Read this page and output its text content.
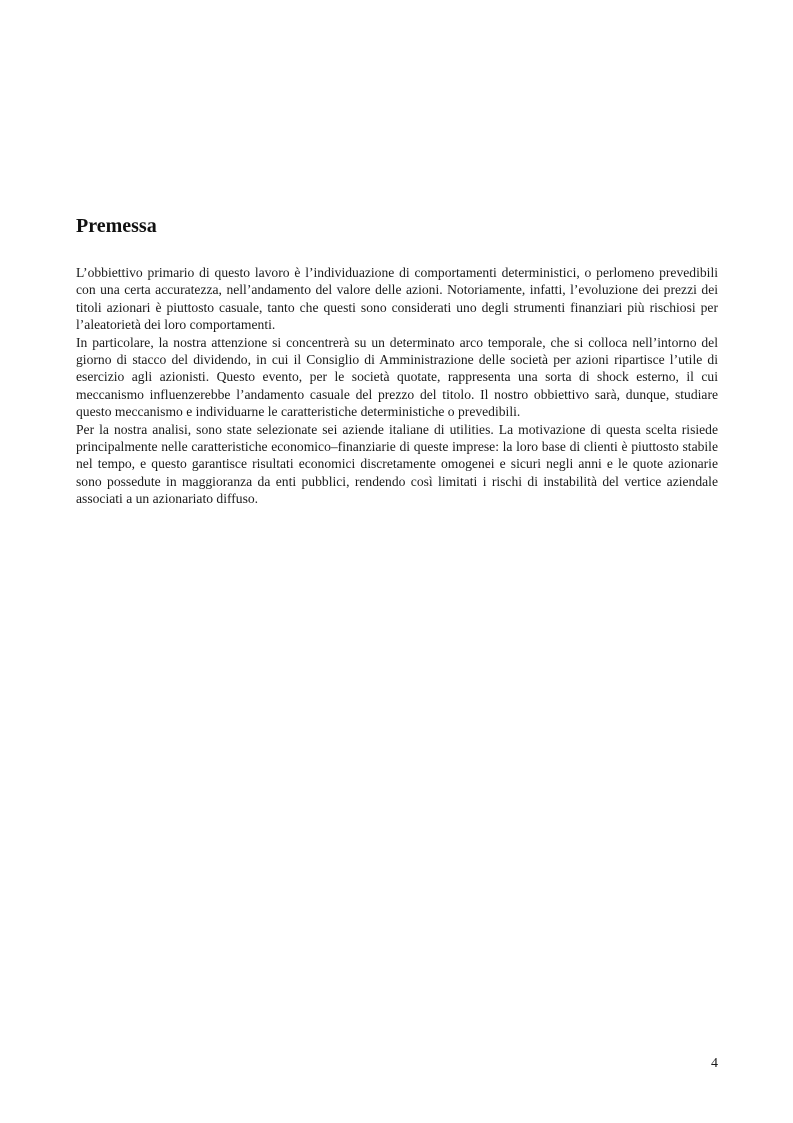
Premessa

L’obbiettivo primario di questo lavoro è l’individuazione di comportamenti deterministici, o perlomeno prevedibili con una certa accuratezza, nell’andamento del valore delle azioni. Notoriamente, infatti, l’evoluzione dei prezzi dei titoli azionari è piuttosto casuale, tanto che questi sono considerati uno degli strumenti finanziari più rischiosi per l’aleatorietà dei loro comportamenti.

In particolare, la nostra attenzione si concentrerà su un determinato arco temporale, che si colloca nell’intorno del giorno di stacco del dividendo, in cui il Consiglio di Amministrazione delle società per azioni ripartisce l’utile di esercizio agli azionisti. Questo evento, per le società quotate, rappresenta una sorta di shock esterno, il cui meccanismo influenzerebbe l’andamento casuale del prezzo del titolo. Il nostro obbiettivo sarà, dunque, studiare questo meccanismo e individuarne le caratteristiche deterministiche o prevedibili.

Per la nostra analisi, sono state selezionate sei aziende italiane di utilities. La motivazione di questa scelta risiede principalmente nelle caratteristiche economico–finanziarie di queste imprese: la loro base di clienti è piuttosto stabile nel tempo, e questo garantisce risultati economici discretamente omogenei e sicuri negli anni e le quote azionarie sono possedute in maggioranza da enti pubblici, rendendo così limitati i rischi di instabilità del vertice aziendale associati a un azionariato diffuso.

4
